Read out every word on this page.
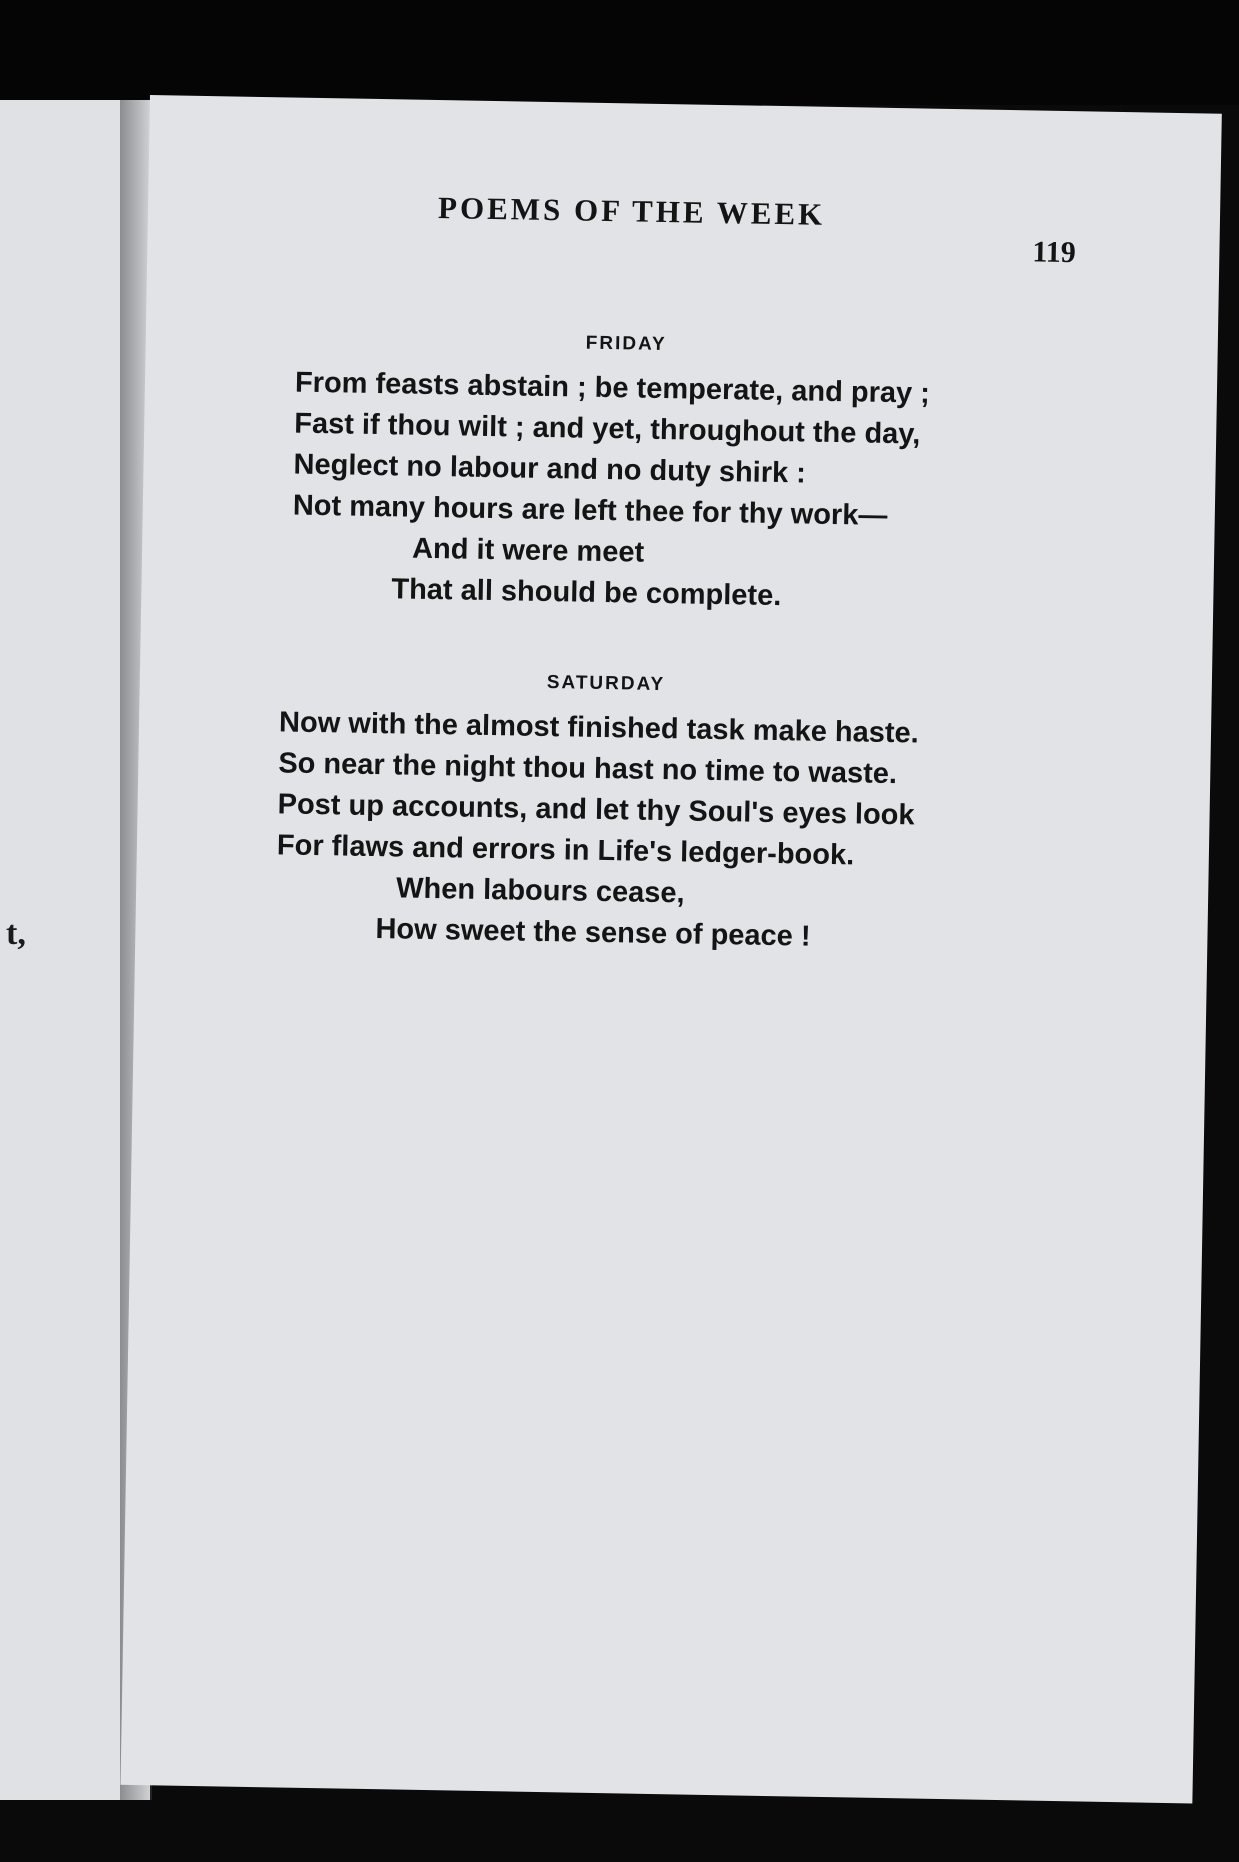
t,
POEMS OF THE WEEK
119
FRIDAY
From feasts abstain ; be temperate, and pray ;
Fast if thou wilt ; and yet, throughout the day,
Neglect no labour and no duty shirk :
Not many hours are left thee for thy work—
And it were meet
That all should be complete.
SATURDAY
Now with the almost finished task make haste.
So near the night thou hast no time to waste.
Post up accounts, and let thy Soul's eyes look
For flaws and errors in Life's ledger-book.
When labours cease,
How sweet the sense of peace !
